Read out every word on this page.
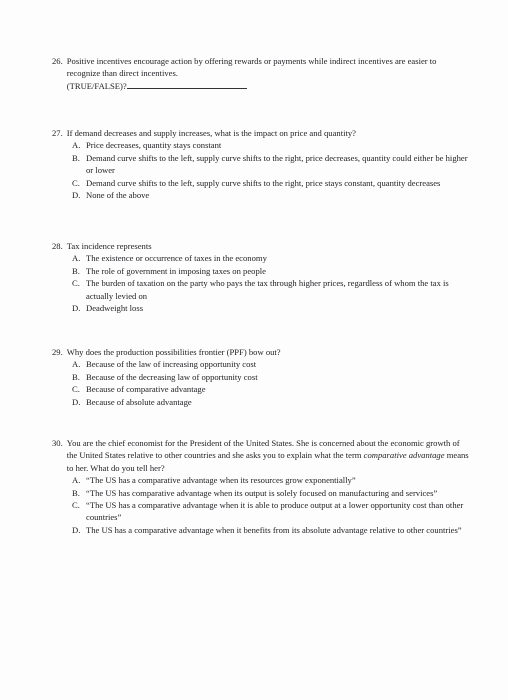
26. Positive incentives encourage action by offering rewards or payments while indirect incentives are easier to recognize than direct incentives.
(TRUE/FALSE)?
27. If demand decreases and supply increases, what is the impact on price and quantity?
A. Price decreases, quantity stays constant
B. Demand curve shifts to the left, supply curve shifts to the right, price decreases, quantity could either be higher or lower
C. Demand curve shifts to the left, supply curve shifts to the right, price stays constant, quantity decreases
D. None of the above
28. Tax incidence represents
A. The existence or occurrence of taxes in the economy
B. The role of government in imposing taxes on people
C. The burden of taxation on the party who pays the tax through higher prices, regardless of whom the tax is actually levied on
D. Deadweight loss
29. Why does the production possibilities frontier (PPF) bow out?
A. Because of the law of increasing opportunity cost
B. Because of the decreasing law of opportunity cost
C. Because of comparative advantage
D. Because of absolute advantage
30. You are the chief economist for the President of the United States. She is concerned about the economic growth of the United States relative to other countries and she asks you to explain what the term comparative advantage means to her. What do you tell her?
A. “The US has a comparative advantage when its resources grow exponentially”
B. “The US has comparative advantage when its output is solely focused on manufacturing and services”
C. “The US has a comparative advantage when it is able to produce output at a lower opportunity cost than other countries”
D. The US has a comparative advantage when it benefits from its absolute advantage relative to other countries”
